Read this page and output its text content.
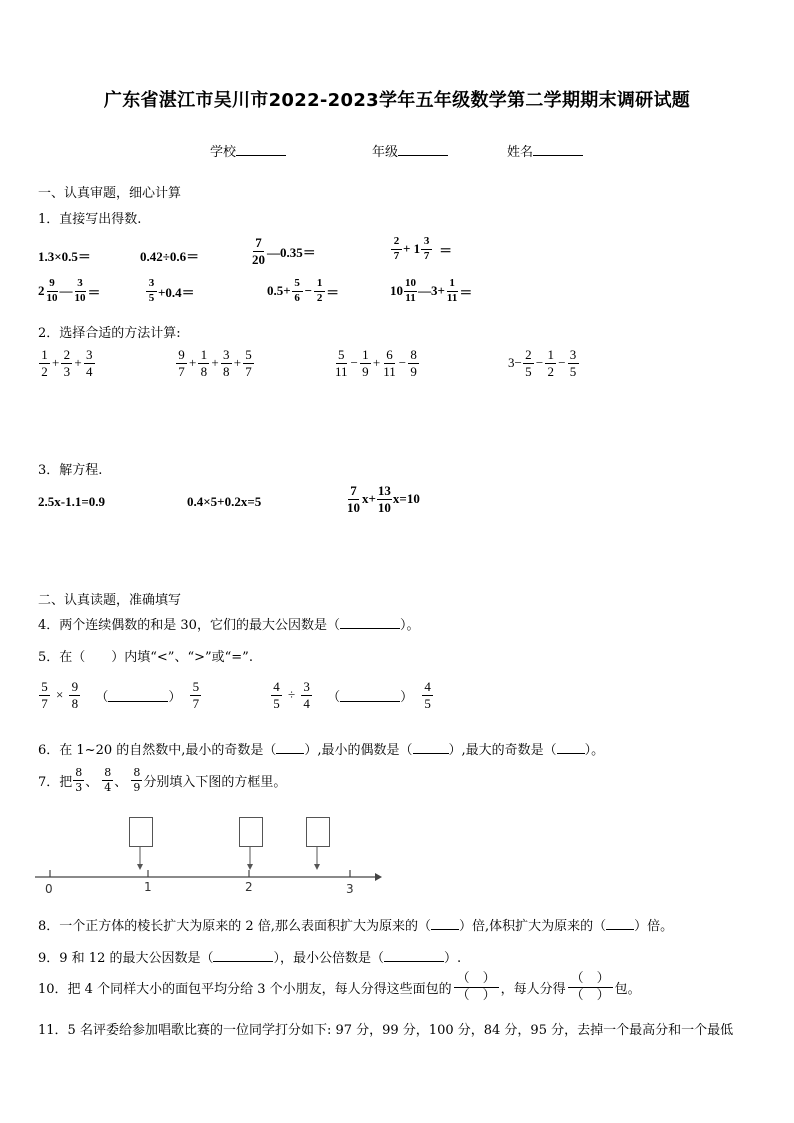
广东省湛江市吴川市2022-2023学年五年级数学第二学期期末调研试题
学校	年级	姓名
一、认真审题，细心计算
1．直接写出得数.
1.3×0.5＝	0.42÷0.6＝	$\frac{7}{20}$ —0.35＝	$\frac{2}{7} + 1 \frac{3}{7}$ ＝
$2 \frac{9}{10}$ — $\frac{3}{10}$ ＝	$\frac{3}{5} +0.4=$	$0.5+ \frac{5}{6} - \frac{1}{2}$ ＝	$10 \frac{10}{11}$ —3+ $\frac{1}{11}$ ＝
2．选择合适的方法计算:
$\frac{1}{2} + \frac{2}{3} + \frac{3}{4}$	$\frac{9}{7} + \frac{1}{8} + \frac{3}{8} + \frac{5}{7}$	$\frac{5}{11} - \frac{1}{9} + \frac{6}{11} - \frac{8}{9}$	$3- \frac{2}{5} - \frac{1}{2} - \frac{3}{5}$
3．解方程.
2.5x-1.1=0.9	0.4×5+0.2x=5	$\frac{7}{10} x+ \frac{13}{10} x=10$
二、认真读题，准确填写
4．两个连续偶数的和是 30，它们的最大公因数是（	）。
5．在（　　）内填“<”、“>”或“=”.
$\frac{5}{7} \times \frac{9}{8}$ （	） $\frac{5}{7}$	$\frac{4}{5} \div \frac{3}{4}$ （	） $\frac{4}{5}$
6．在 1~20 的自然数中,最小的奇数是（ ）,最小的偶数是（	）,最大的奇数是（ ）。
7．把 $\frac{8}{3}$ 、 $\frac{8}{4}$ 、 $\frac{8}{9}$ 分别填入下图的方框里。
0	1	2	3
8．一个正方体的棱长扩大为原来的 2 倍,那么表面积扩大为原来的（ ）倍,体积扩大为原来的（ ）倍。
9．9 和 12 的最大公因数是（	），最小公倍数是（	）.
10．把 4 个同样大小的面包平均分给 3 个小朋友，每人分得这些面包的
（　）
（　） ，每人分得
（　）
（　） 包。
11．5 名评委给参加唱歌比赛的一位同学打分如下: 97 分，99 分，100 分，84 分，95 分，去掉一个最高分和一个最低
